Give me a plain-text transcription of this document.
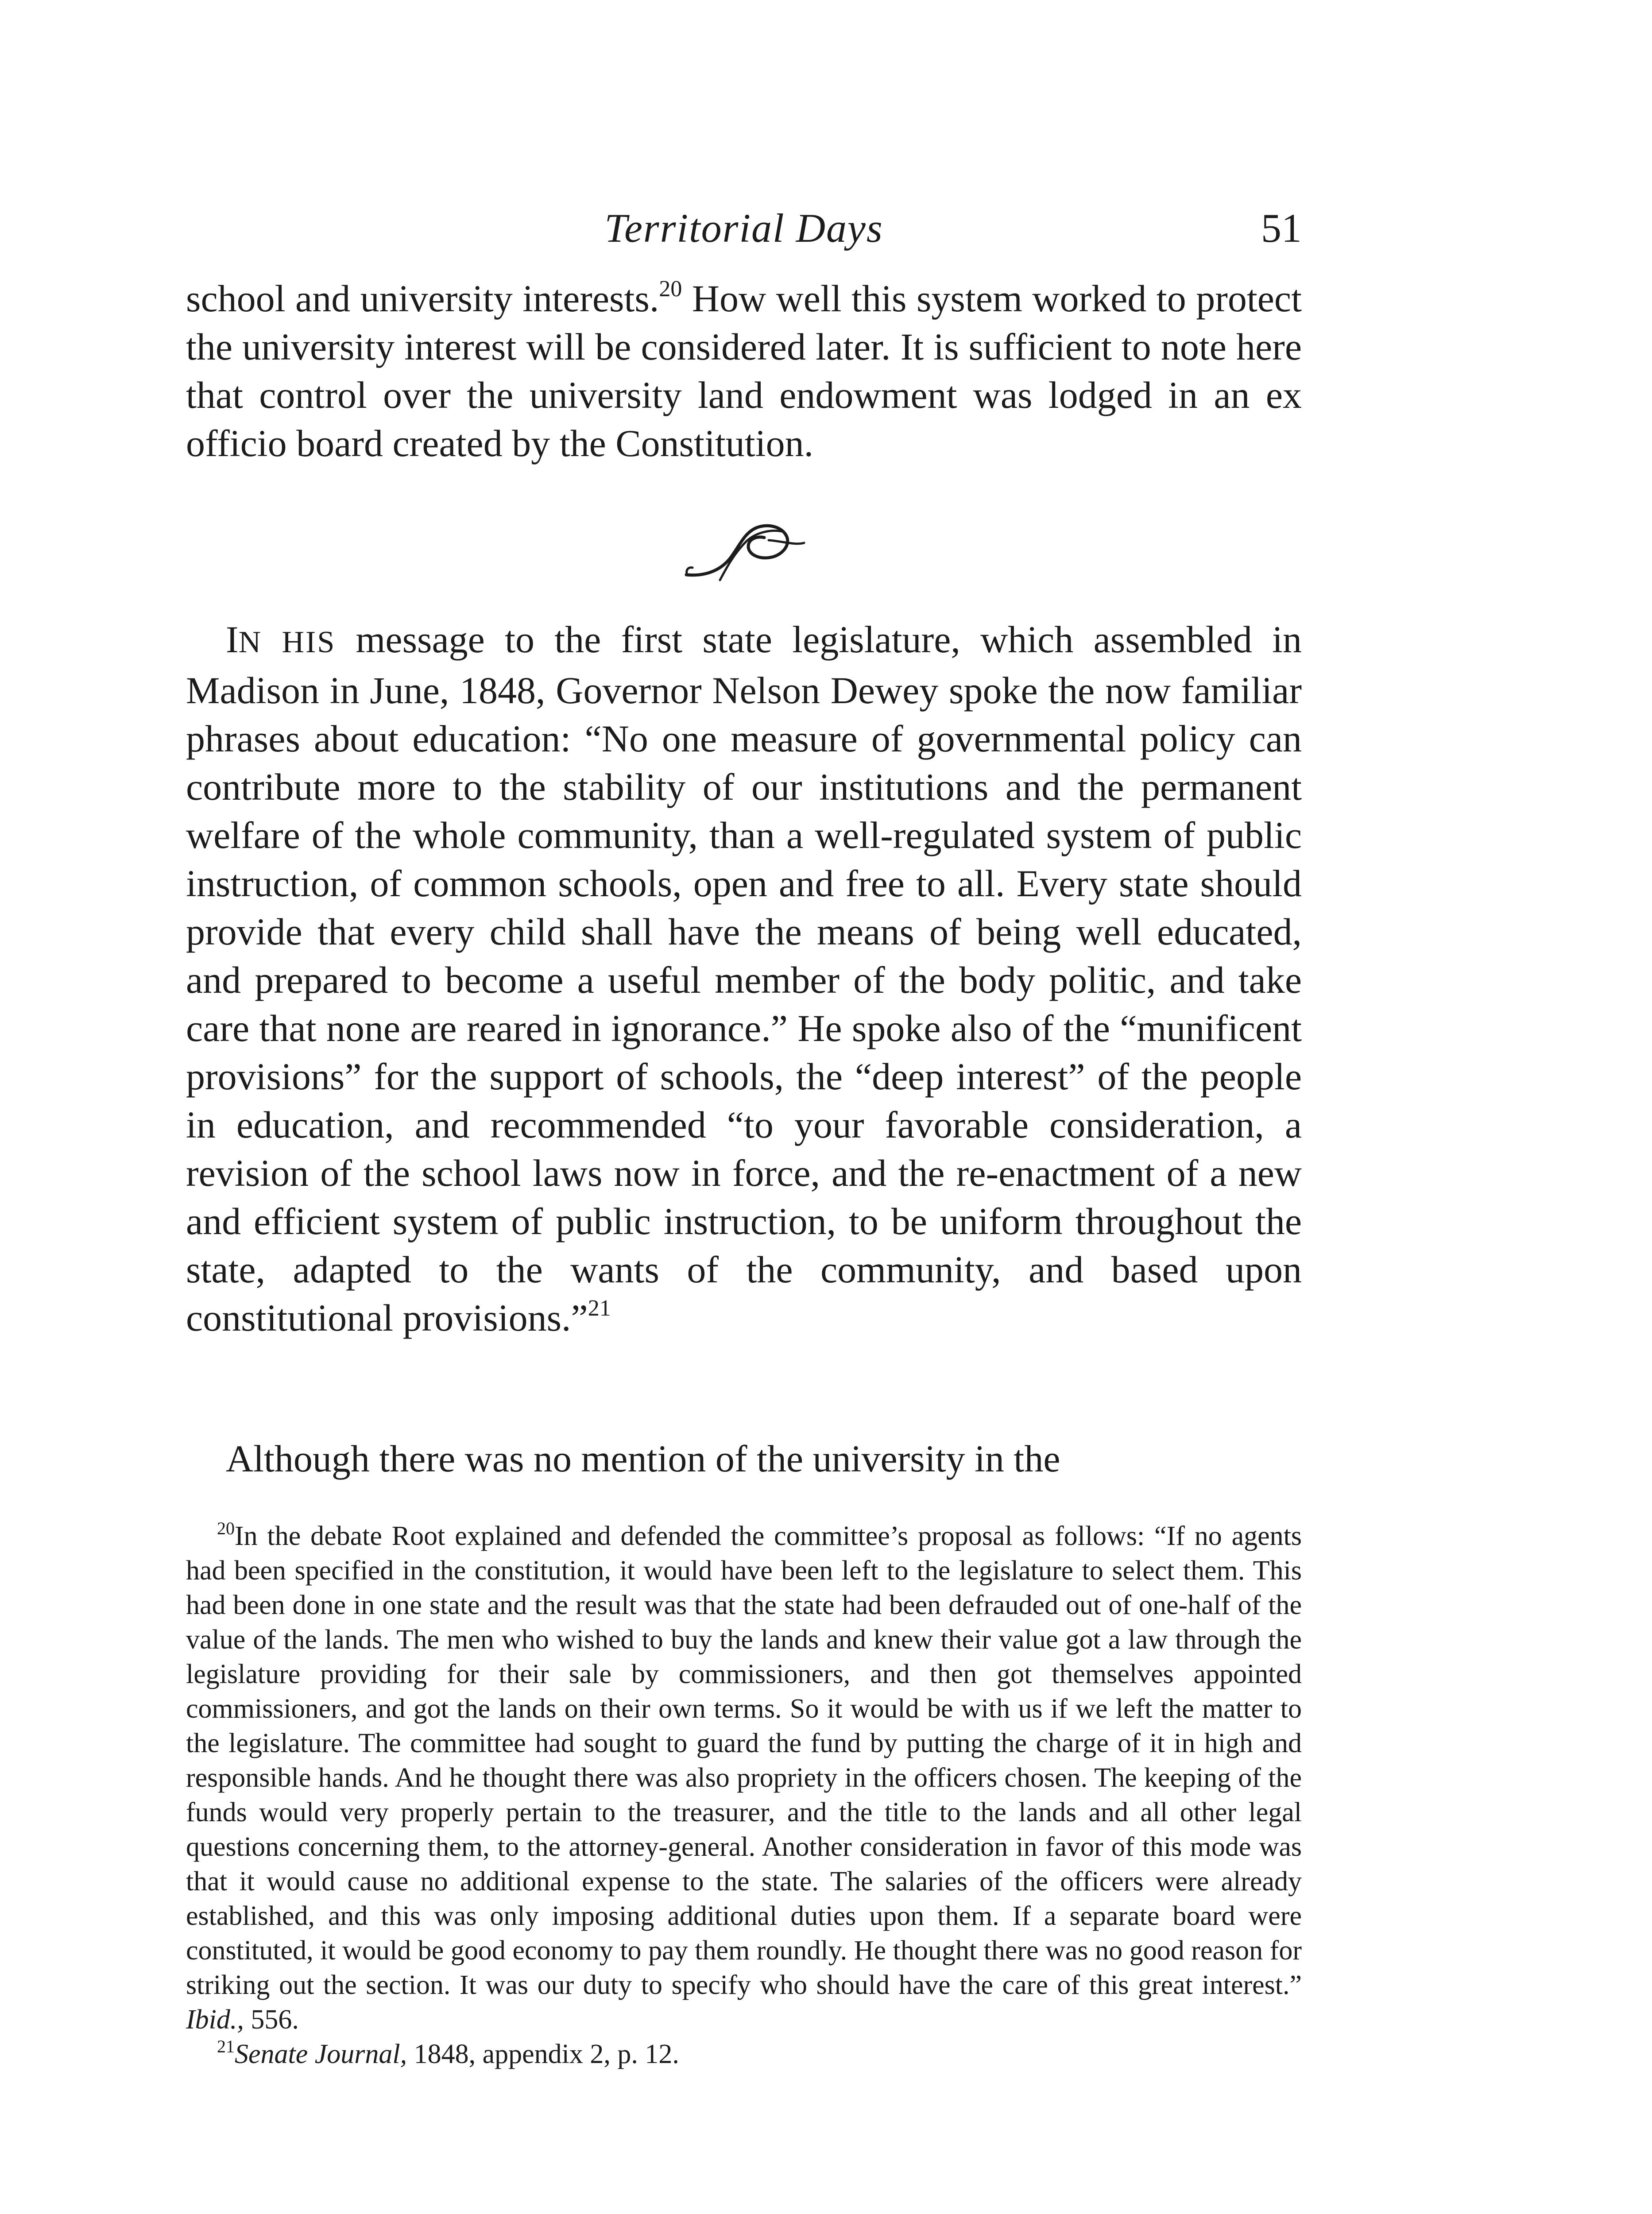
Territorial Days	51

school and university interests.$^{20}$ How well this system worked to protect the university interest will be considered later. It is sufficient to note here that control over the university land endowment was lodged in an ex officio board created by the Constitution.

IN HIS message to the first state legislature, which assembled in Madison in June, 1848, Governor Nelson Dewey spoke the now familiar phrases about education: “No one measure of governmental policy can contribute more to the stability of our institutions and the permanent welfare of the whole community, than a well-regulated system of public instruction, of common schools, open and free to all. Every state should provide that every child shall have the means of being well educated, and prepared to become a useful member of the body politic, and take care that none are reared in ignorance.” He spoke also of the “munificent provisions” for the support of schools, the “deep interest” of the people in education, and recommended “to your favorable consideration, a revision of the school laws now in force, and the re-enactment of a new and efficient system of public instruction, to be uniform throughout the state, adapted to the wants of the community, and based upon constitutional provisions.”$^{21}$

Although there was no mention of the university in the

$^{20}$In the debate Root explained and defended the committee’s proposal as follows: “If no agents had been specified in the constitution, it would have been left to the legislature to select them. This had been done in one state and the result was that the state had been defrauded out of one-half of the value of the lands. The men who wished to buy the lands and knew their value got a law through the legislature providing for their sale by commissioners, and then got themselves appointed commissioners, and got the lands on their own terms. So it would be with us if we left the matter to the legislature. The committee had sought to guard the fund by putting the charge of it in high and responsible hands. And he thought there was also propriety in the officers chosen. The keeping of the funds would very properly pertain to the treasurer, and the title to the lands and all other legal questions concerning them, to the attorney-general. Another consideration in favor of this mode was that it would cause no additional expense to the state. The salaries of the officers were already established, and this was only imposing additional duties upon them. If a separate board were constituted, it would be good economy to pay them roundly. He thought there was no good reason for striking out the section. It was our duty to specify who should have the care of this great interest.” Ibid., 556.

$^{21}$Senate Journal, 1848, appendix 2, p. 12.
